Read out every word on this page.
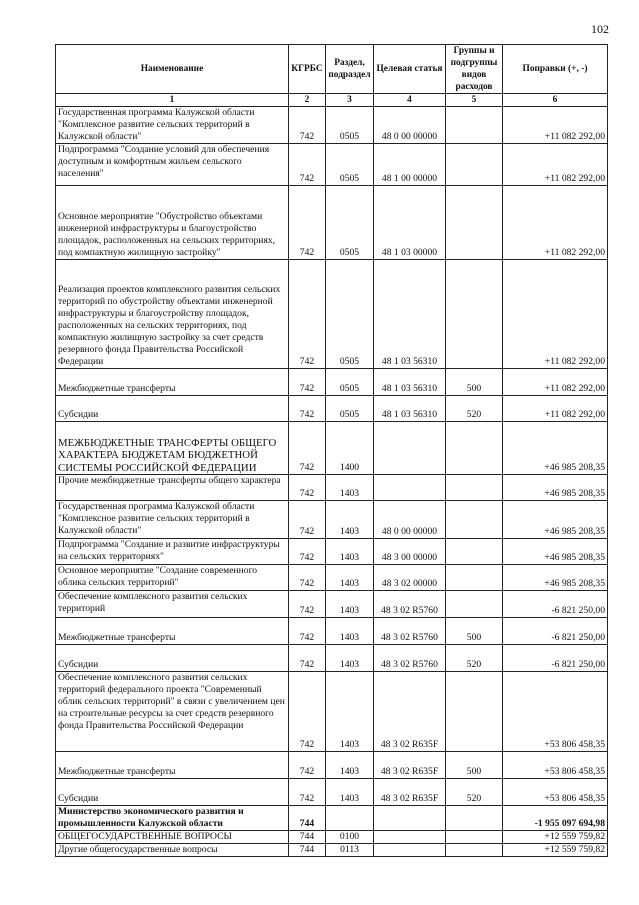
102
Наименование	КГРБС	Раздел, подраздел	Целевая статья	Группы и подгруппы видов расходов	Поправки (+, -)
1	2	3	4	5	6
Государственная программа Калужской области "Комплексное развитие сельских территорий в Калужской области"	742	0505	48 0 00 00000		+11 082 292,00
Подпрограмма "Создание условий для обеспечения доступным и комфортным жильем сельского населения"	742	0505	48 1 00 00000		+11 082 292,00
Основное мероприятие "Обустройство объектами инженерной инфраструктуры и благоустройство площадок, расположенных на сельских территориях, под компактную жилищную застройку"	742	0505	48 1 03 00000		+11 082 292,00
Реализация проектов комплексного развития сельских территорий по обустройству объектами инженерной инфраструктуры и благоустройству площадок, расположенных на сельских территориях, под компактную жилищную застройку за счет средств резервного фонда Правительства Российской Федерации	742	0505	48 1 03 56310		+11 082 292,00
Межбюджетные трансферты	742	0505	48 1 03 56310	500	+11 082 292,00
Субсидии	742	0505	48 1 03 56310	520	+11 082 292,00
МЕЖБЮДЖЕТНЫЕ ТРАНСФЕРТЫ ОБЩЕГО ХАРАКТЕРА БЮДЖЕТАМ БЮДЖЕТНОЙ СИСТЕМЫ РОССИЙСКОЙ ФЕДЕРАЦИИ	742	1400			+46 985 208,35
Прочие межбюджетные трансферты общего характера	742	1403			+46 985 208,35
Государственная программа Калужской области "Комплексное развитие сельских территорий в Калужской области"	742	1403	48 0 00 00000		+46 985 208,35
Подпрограмма "Создание и развитие инфраструктуры на сельских территориях"	742	1403	48 3 00 00000		+46 985 208,35
Основное мероприятие "Создание современного облика сельских территорий"	742	1403	48 3 02 00000		+46 985 208,35
Обеспечение комплексного развития сельских территорий	742	1403	48 3 02 R5760		-6 821 250,00
Межбюджетные трансферты	742	1403	48 3 02 R5760	500	-6 821 250,00
Субсидии	742	1403	48 3 02 R5760	520	-6 821 250,00
Обеспечение комплексного развития сельских территорий федерального проекта "Современный облик сельских территорий" в связи с увеличением цен на строительные ресурсы за счет средств резервного фонда Правительства Российской Федерации	742	1403	48 3 02 R635F		+53 806 458,35
Межбюджетные трансферты	742	1403	48 3 02 R635F	500	+53 806 458,35
Субсидии	742	1403	48 3 02 R635F	520	+53 806 458,35
Министерство экономического развития и промышленности Калужской области	744				-1 955 097 694,98
ОБЩЕГОСУДАРСТВЕННЫЕ ВОПРОСЫ	744	0100			+12 559 759,82
Другие общегосударственные вопросы	744	0113			+12 559 759,82
